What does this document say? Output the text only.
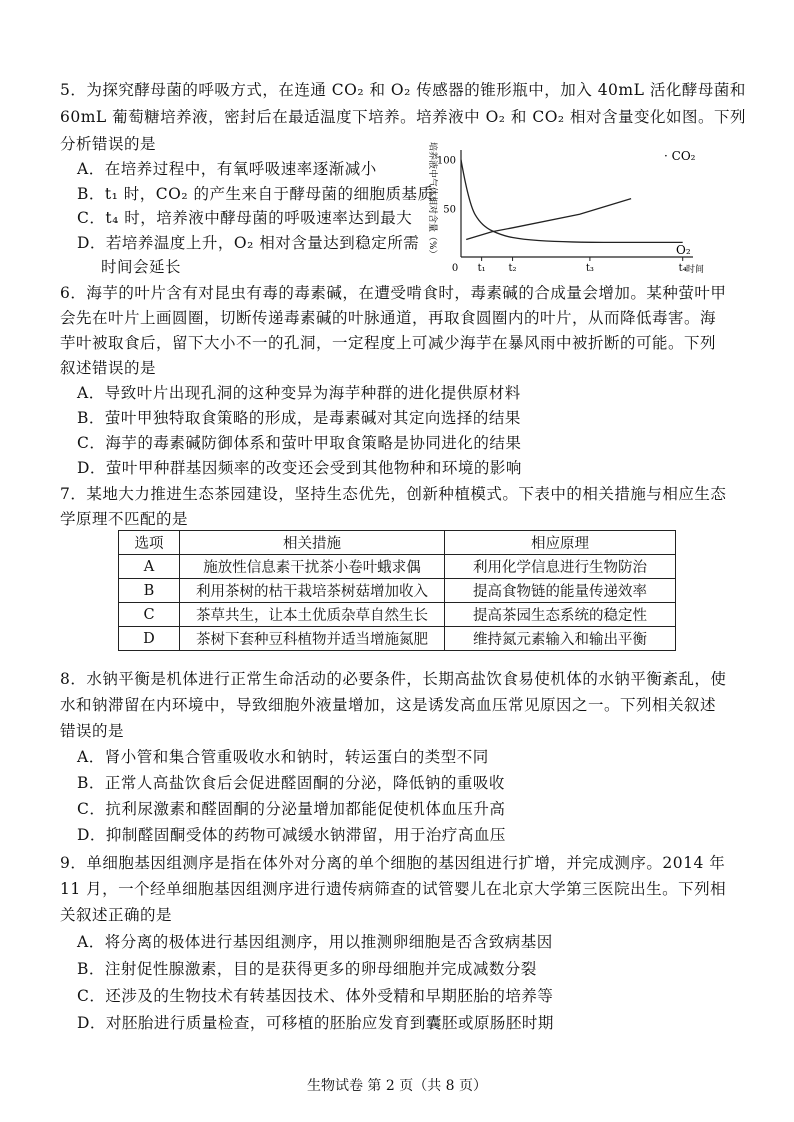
5．为探究酵母菌的呼吸方式，在连通 CO₂ 和 O₂ 传感器的锥形瓶中，加入 40mL 活化酵母菌和
60mL 葡萄糖培养液，密封后在最适温度下培养。培养液中 O₂ 和 CO₂ 相对含量变化如图。下列
分析错误的是
A．在培养过程中，有氧呼吸速率逐渐减小
B．t₁ 时，CO₂ 的产生来自于酵母菌的细胞质基质
C．t₄ 时，培养液中酵母菌的呼吸速率达到最大
D．若培养温度上升，O₂ 相对含量达到稳定所需
时间会延长
培养液中气体相对含量（%） 100
50
0 t₁ t₂	t₃	t₄
· CO₂
O₂
时间
6．海芋的叶片含有对昆虫有毒的毒素碱，在遭受啃食时，毒素碱的合成量会增加。某种萤叶甲
会先在叶片上画圆圈，切断传递毒素碱的叶脉通道，再取食圆圈内的叶片，从而降低毒害。海
芋叶被取食后，留下大小不一的孔洞，一定程度上可减少海芋在暴风雨中被折断的可能。下列
叙述错误的是
A．导致叶片出现孔洞的这种变异为海芋种群的进化提供原材料
B．萤叶甲独特取食策略的形成，是毒素碱对其定向选择的结果
C．海芋的毒素碱防御体系和萤叶甲取食策略是协同进化的结果
D．萤叶甲种群基因频率的改变还会受到其他物种和环境的影响
7．某地大力推进生态茶园建设，坚持生态优先，创新种植模式。下表中的相关措施与相应生态
学原理不匹配的是
选项	相关措施	相应原理
A	施放性信息素干扰茶小卷叶蛾求偶	利用化学信息进行生物防治
B	利用茶树的枯干栽培茶树菇增加收入	提高食物链的能量传递效率
C	茶草共生，让本土优质杂草自然生长	提高茶园生态系统的稳定性
D	茶树下套种豆科植物并适当增施氮肥	维持氮元素输入和输出平衡
8．水钠平衡是机体进行正常生命活动的必要条件，长期高盐饮食易使机体的水钠平衡紊乱，使
水和钠滞留在内环境中，导致细胞外液量增加，这是诱发高血压常见原因之一。下列相关叙述
错误的是
A．肾小管和集合管重吸收水和钠时，转运蛋白的类型不同
B．正常人高盐饮食后会促进醛固酮的分泌，降低钠的重吸收
C．抗利尿激素和醛固酮的分泌量增加都能促使机体血压升高
D．抑制醛固酮受体的药物可减缓水钠滞留，用于治疗高血压
9．单细胞基因组测序是指在体外对分离的单个细胞的基因组进行扩增，并完成测序。2014 年
11 月，一个经单细胞基因组测序进行遗传病筛查的试管婴儿在北京大学第三医院出生。下列相
关叙述正确的是
A．将分离的极体进行基因组测序，用以推测卵细胞是否含致病基因
B．注射促性腺激素，目的是获得更多的卵母细胞并完成减数分裂
C．还涉及的生物技术有转基因技术、体外受精和早期胚胎的培养等
D．对胚胎进行质量检查，可移植的胚胎应发育到囊胚或原肠胚时期
生物试卷 第 2 页（共 8 页）
